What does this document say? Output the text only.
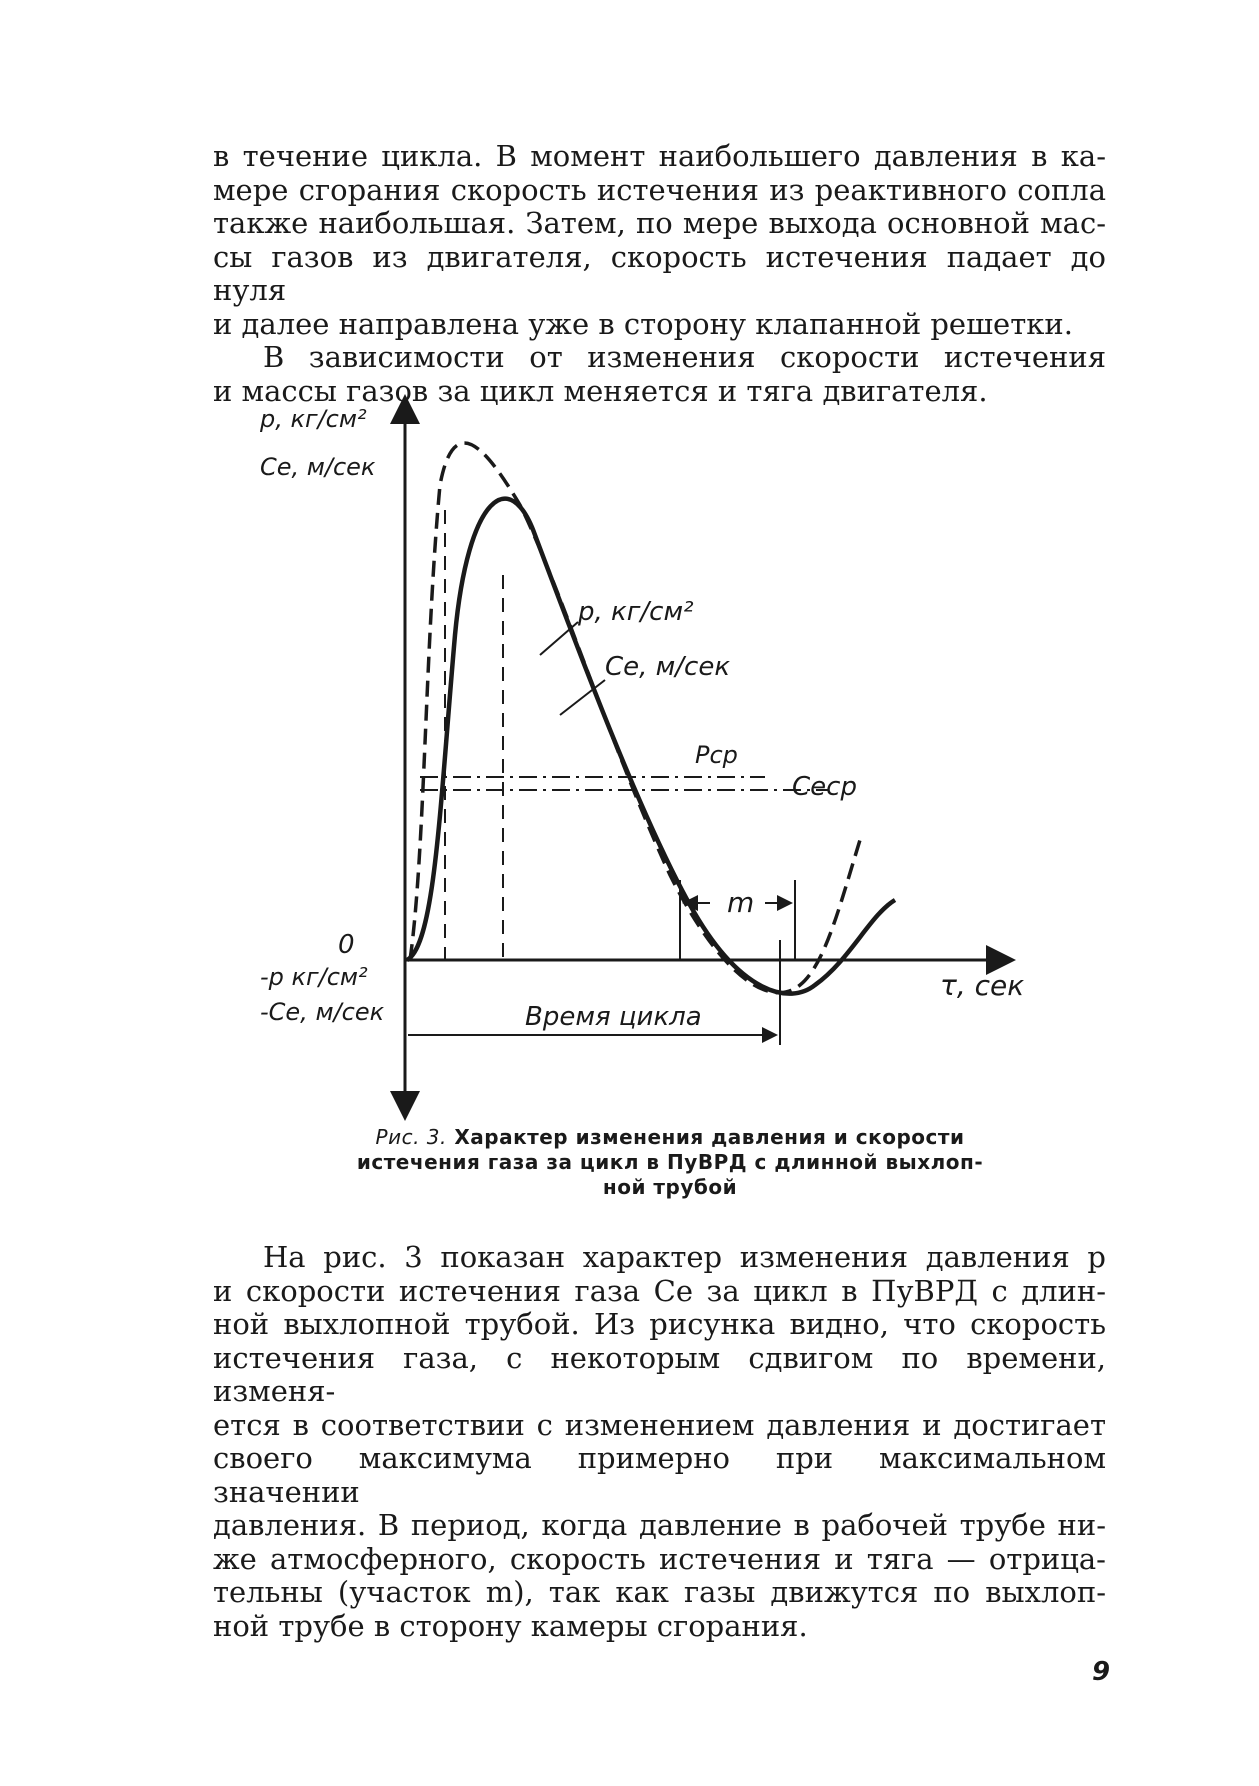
в течение цикла. В момент наибольшего давления в ка-
мере сгорания скорость истечения из реактивного сопла
также наибольшая. Затем, по мере выхода основной мас-
сы газов из двигателя, скорость истечения падает до нуля
и далее направлена уже в сторону клапанной решетки.
В зависимости от изменения скорости истечения
и массы газов за цикл меняется и тяга двигателя.
p, кг/см²
Cе, м/сек
0
-p кг/см²
-Cе, м/сек
τ, сек
p, кг/см²
Cе, м/сек
Pср
Cеср
m
Время цикла
Рис. 3. Характер изменения давления и скорости
истечения газа за цикл в ПуВРД с длинной выхлоп-
ной трубой
На рис. 3 показан характер изменения давления p
и скорости истечения газа Cе за цикл в ПуВРД с длин-
ной выхлопной трубой. Из рисунка видно, что скорость
истечения газа, с некоторым сдвигом по времени, изменя-
ется в соответствии с изменением давления и достигает
своего максимума примерно при максимальном значении
давления. В период, когда давление в рабочей трубе ни-
же атмосферного, скорость истечения и тяга — отрица-
тельны (участок m), так как газы движутся по выхлоп-
ной трубе в сторону камеры сгорания.
9
